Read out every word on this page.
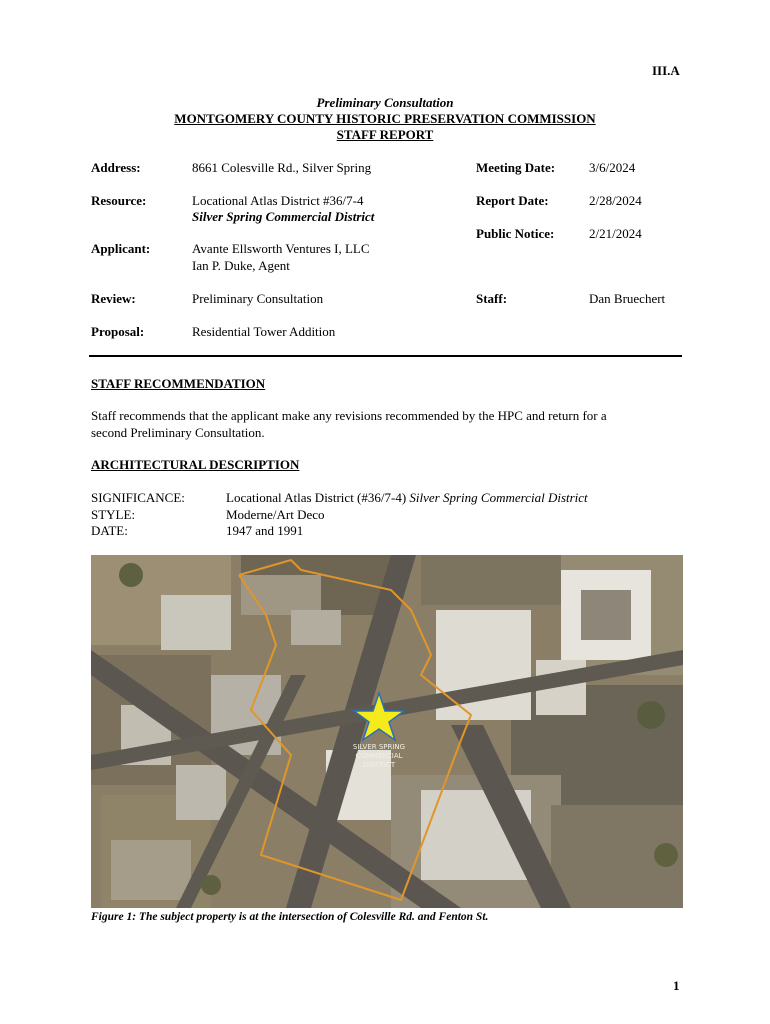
III.A
Preliminary Consultation
MONTGOMERY COUNTY HISTORIC PRESERVATION COMMISSION
STAFF REPORT
Address:	8661 Colesville Rd., Silver Spring
Resource:	Locational Atlas District #36/7-4
Silver Spring Commercial District
Applicant:	Avante Ellsworth Ventures I, LLC
Ian P. Duke, Agent
Review:	Preliminary Consultation
Proposal:	Residential Tower Addition
Meeting Date:	3/6/2024
Report Date:	2/28/2024
Public Notice:	2/21/2024
Staff:	Dan Bruechert
STAFF RECOMMENDATION
Staff recommends that the applicant make any revisions recommended by the HPC and return for a
second Preliminary Consultation.
ARCHITECTURAL DESCRIPTION
SIGNIFICANCE:	Locational Atlas District (#36/7-4) Silver Spring Commercial District
STYLE:	Moderne/Art Deco
DATE:	1947 and 1991
SILVER SPRING
COMMERCIAL
DISTRICT
Figure 1: The subject property is at the intersection of Colesville Rd. and Fenton St.
1
